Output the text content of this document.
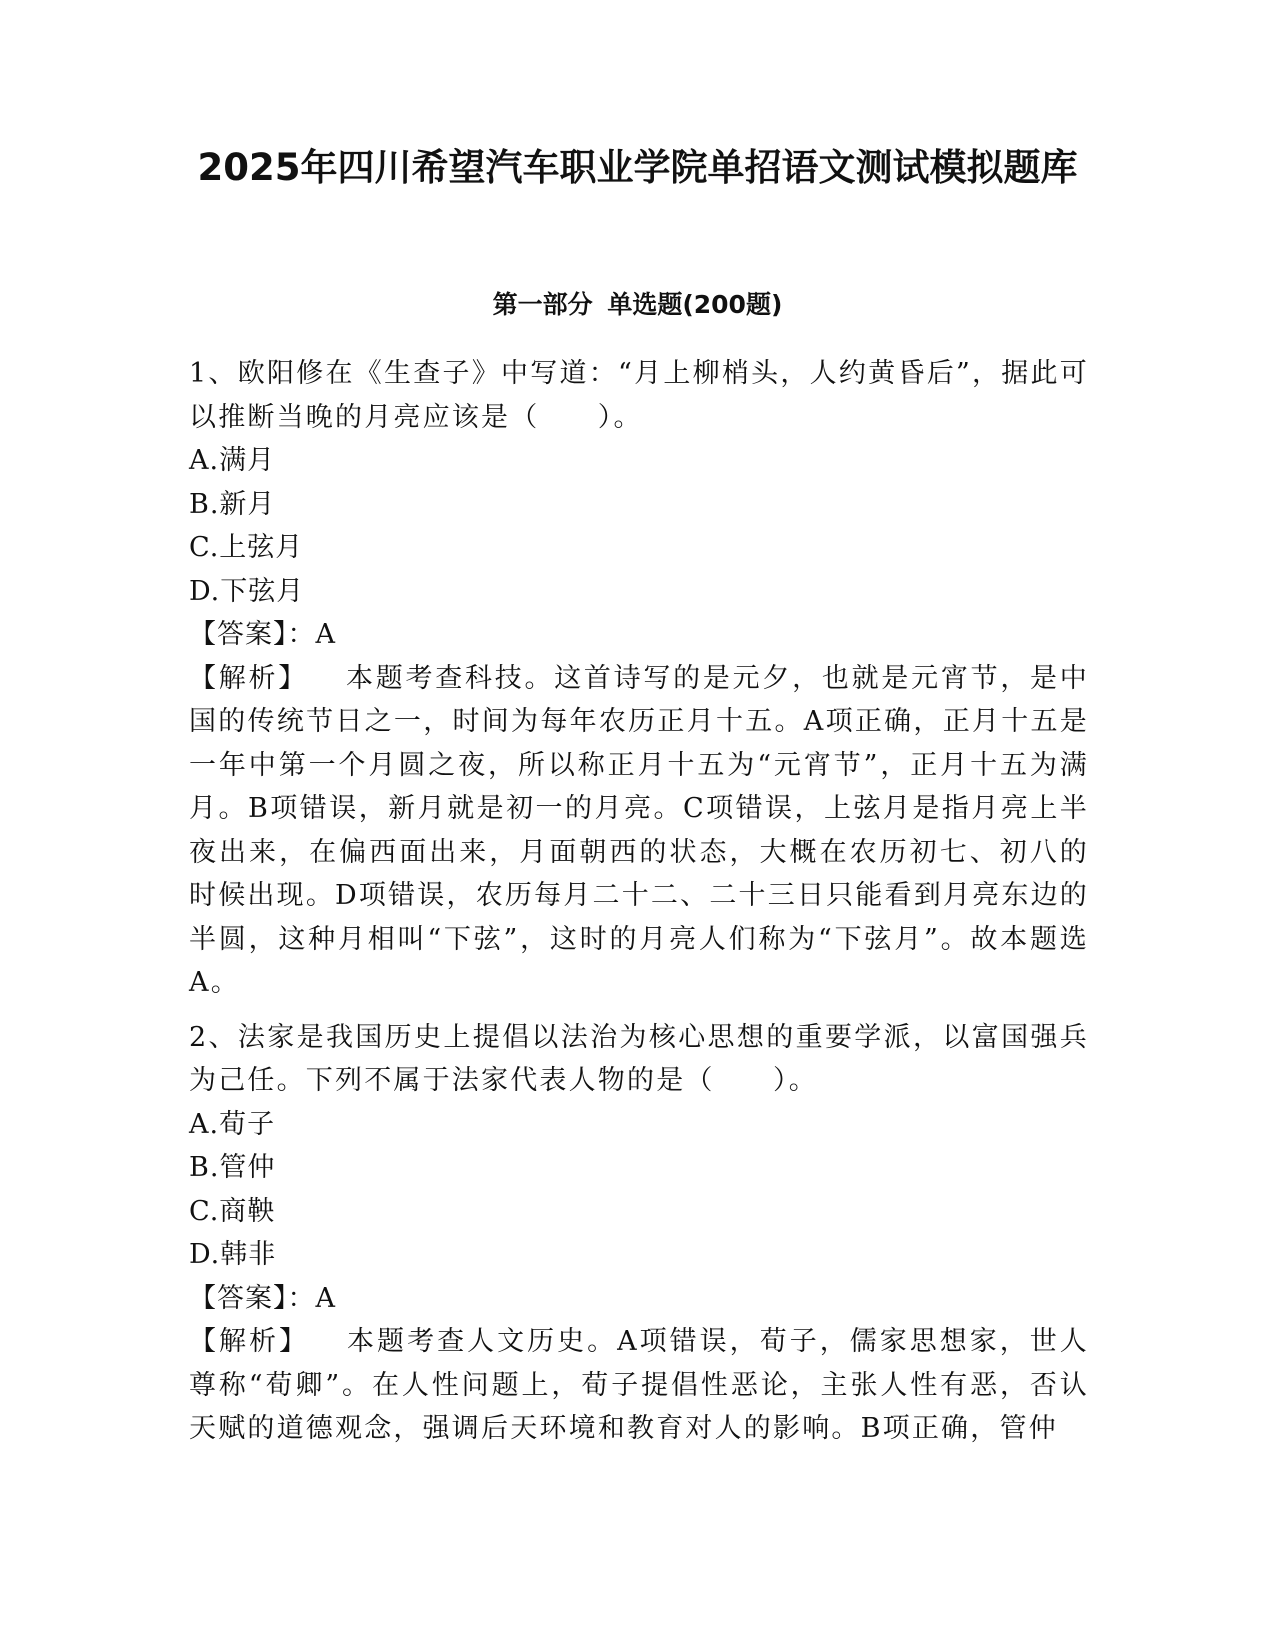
2025年四川希望汽车职业学院单招语文测试模拟题库
第一部分 单选题(200题)

1、欧阳修在《生查子》中写道：“月上柳梢头，人约黄昏后”，据此可以推断当晚的月亮应该是（　　）。

A.满月

B.新月

C.上弦月

D.下弦月

【答案】：A

【解析】 本题考查科技。这首诗写的是元夕，也就是元宵节，是中国的传统节日之一，时间为每年农历正月十五。A项正确，正月十五是一年中第一个月圆之夜，所以称正月十五为“元宵节”，正月十五为满月。B项错误，新月就是初一的月亮。C项错误，上弦月是指月亮上半夜出来，在偏西面出来，月面朝西的状态，大概在农历初七、初八的时候出现。D项错误，农历每月二十二、二十三日只能看到月亮东边的半圆，这种月相叫“下弦”，这时的月亮人们称为“下弦月”。故本题选A。

2、法家是我国历史上提倡以法治为核心思想的重要学派，以富国强兵为己任。下列不属于法家代表人物的是（　　）。

A.荀子

B.管仲

C.商鞅

D.韩非

【答案】：A

【解析】 本题考查人文历史。A项错误，荀子，儒家思想家，世人尊称“荀卿”。在人性问题上，荀子提倡性恶论，主张人性有恶，否认天赋的道德观念，强调后天环境和教育对人的影响。B项正确，管仲
